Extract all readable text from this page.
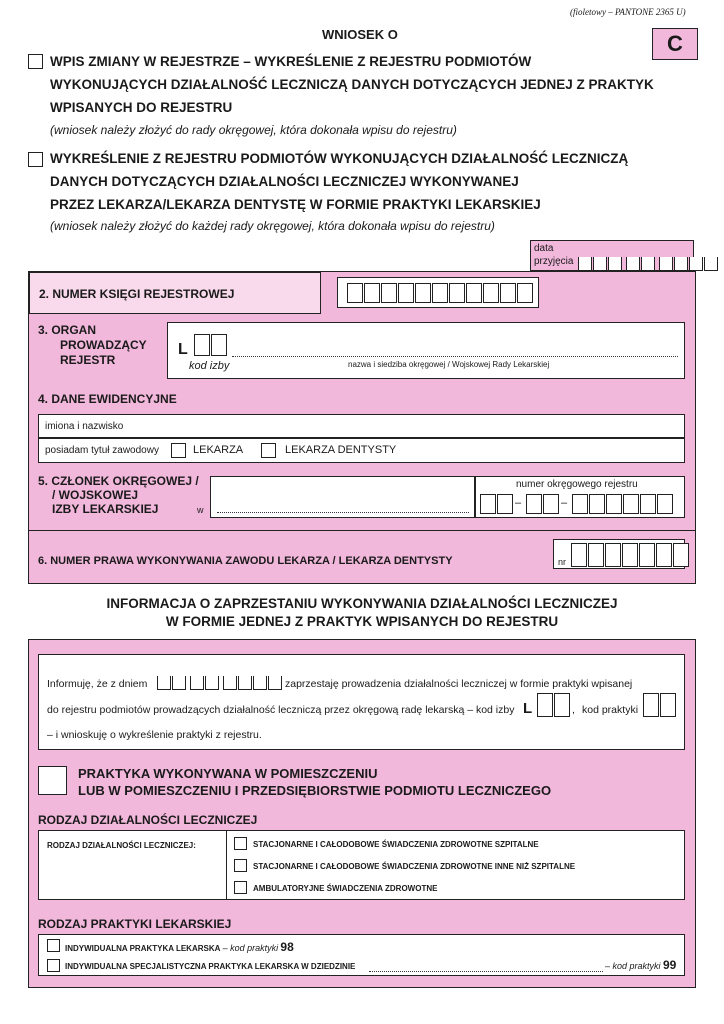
(fioletowy – PANTONE 2365 U)
C
WNIOSEK O
WPIS ZMIANY W REJESTRZE – WYKREŚLENIE Z REJESTRU PODMIOTÓW
WYKONUJĄCYCH DZIAŁALNOŚĆ LECZNICZĄ DANYCH DOTYCZĄCYCH JEDNEJ Z PRAKTYK
WPISANYCH DO REJESTRU
(wniosek należy złożyć do rady okręgowej, która dokonała wpisu do rejestru)
WYKREŚLENIE Z REJESTRU PODMIOTÓW WYKONUJĄCYCH DZIAŁALNOŚĆ LECZNICZĄ
DANYCH DOTYCZĄCYCH DZIAŁALNOŚCI LECZNICZEJ WYKONYWANEJ
PRZEZ LEKARZA/LEKARZA DENTYSTĘ W FORMIE PRAKTYKI LEKARSKIEJ
(wniosek należy złożyć do każdej rady okręgowej, która dokonała wpisu do rejestru)
data
przyjęcia
2. NUMER KSIĘGI REJESTROWEJ
3. ORGAN
PROWADZĄCY
REJESTR
L
kod izby	nazwa i siedziba okręgowej / Wojskowej Rady Lekarskiej
4. DANE EWIDENCYJNE
imiona i nazwisko
posiadam tytuł zawodowy	LEKARZA	LEKARZA DENTYSTY
5. CZŁONEK OKRĘGOWEJ /
/ WOJSKOWEJ
IZBY LEKARSKIEJ	w
numer okręgowego rejestru
–	–
6. NUMER PRAWA WYKONYWANIA ZAWODU LEKARZA / LEKARZA DENTYSTY	nr
INFORMACJA O ZAPRZESTANIU WYKONYWANIA DZIAŁALNOŚCI LECZNICZEJ
W FORMIE JEDNEJ Z PRAKTYK WPISANYCH DO REJESTRU
Informuję, że z dniem	zaprzestaję prowadzenia działalności leczniczej w formie praktyki wpisanej
do rejestru podmiotów prowadzących działalność leczniczą przez okręgową radę lekarską – kod izby L	, kod praktyki
– i wnioskuję o wykreślenie praktyki z rejestru.
PRAKTYKA WYKONYWANA W POMIESZCZENIU
LUB W POMIESZCZENIU I PRZEDSIĘBIORSTWIE PODMIOTU LECZNICZEGO
RODZAJ DZIAŁALNOŚCI LECZNICZEJ
RODZAJ DZIAŁALNOŚCI LECZNICZEJ:	STACJONARNE I CAŁODOBOWE ŚWIADCZENIA ZDROWOTNE SZPITALNE
STACJONARNE I CAŁODOBOWE ŚWIADCZENIA ZDROWOTNE INNE NIŻ SZPITALNE
AMBULATORYJNE ŚWIADCZENIA ZDROWOTNE
RODZAJ PRAKTYKI LEKARSKIEJ
INDYWIDUALNA PRAKTYKA LEKARSKA – kod praktyki 98
INDYWIDUALNA SPECJALISTYCZNA PRAKTYKA LEKARSKA W DZIEDZINIE	– kod praktyki 99
